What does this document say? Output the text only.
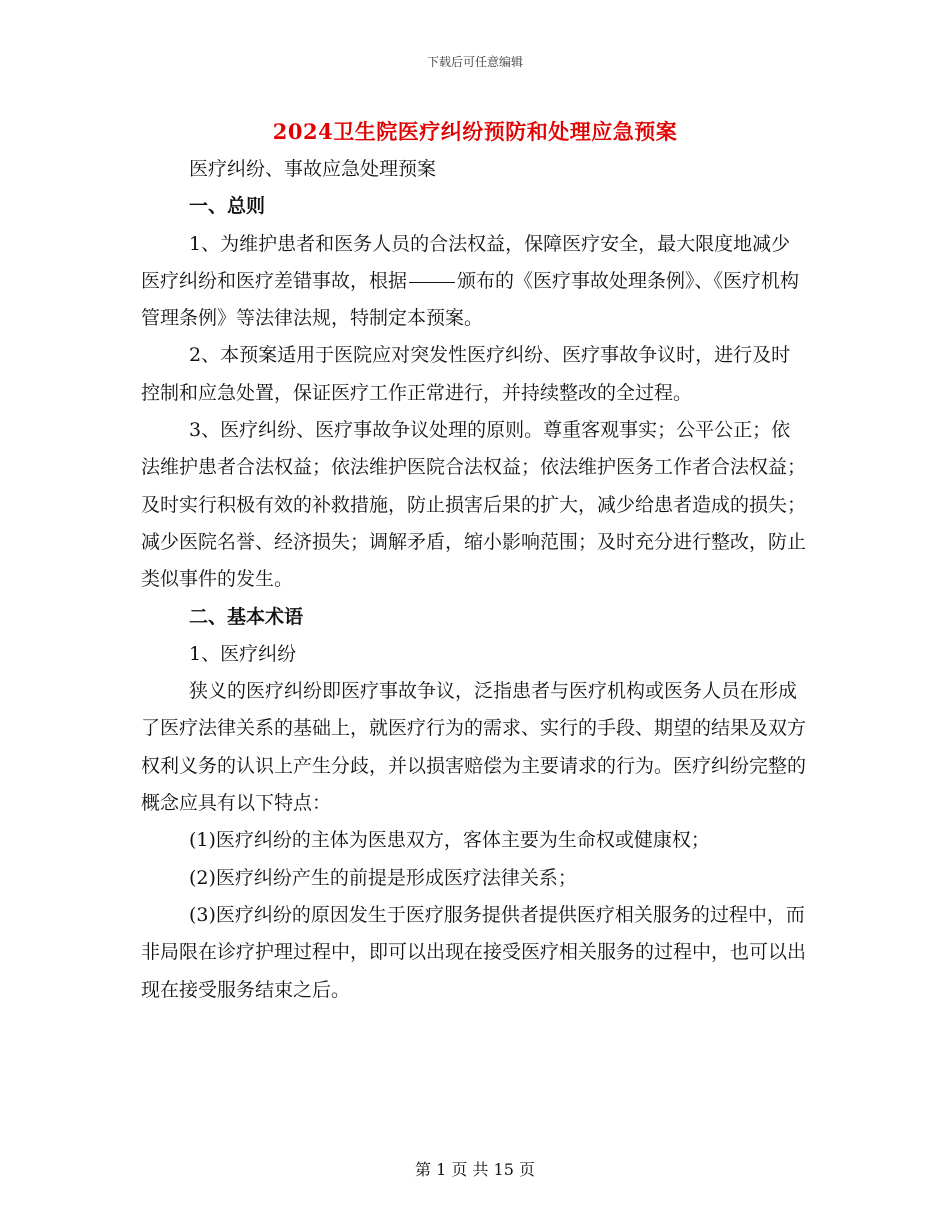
下载后可任意编辑
2024卫生院医疗纠纷预防和处理应急预案

医疗纠纷、事故应急处理预案

一、总则

1、为维护患者和医务人员的合法权益，保障医疗安全，最大限度地减少医疗纠纷和医疗差错事故，根据	颁布的《医疗事故处理条例》、《医疗机构管理条例》等法律法规，特制定本预案。

2、本预案适用于医院应对突发性医疗纠纷、医疗事故争议时，进行及时控制和应急处置，保证医疗工作正常进行，并持续整改的全过程。

3、医疗纠纷、医疗事故争议处理的原则。尊重客观事实；公平公正；依法维护患者合法权益；依法维护医院合法权益；依法维护医务工作者合法权益；及时实行积极有效的补救措施，防止损害后果的扩大，减少给患者造成的损失；减少医院名誉、经济损失；调解矛盾，缩小影响范围；及时充分进行整改，防止类似事件的发生。

二、基本术语

1、医疗纠纷

狭义的医疗纠纷即医疗事故争议，泛指患者与医疗机构或医务人员在形成了医疗法律关系的基础上，就医疗行为的需求、实行的手段、期望的结果及双方权利义务的认识上产生分歧，并以损害赔偿为主要请求的行为。医疗纠纷完整的概念应具有以下特点：

(1)医疗纠纷的主体为医患双方，客体主要为生命权或健康权；

(2)医疗纠纷产生的前提是形成医疗法律关系；

(3)医疗纠纷的原因发生于医疗服务提供者提供医疗相关服务的过程中，而非局限在诊疗护理过程中，即可以出现在接受医疗相关服务的过程中，也可以出现在接受服务结束之后。

第 1 页 共 15 页
